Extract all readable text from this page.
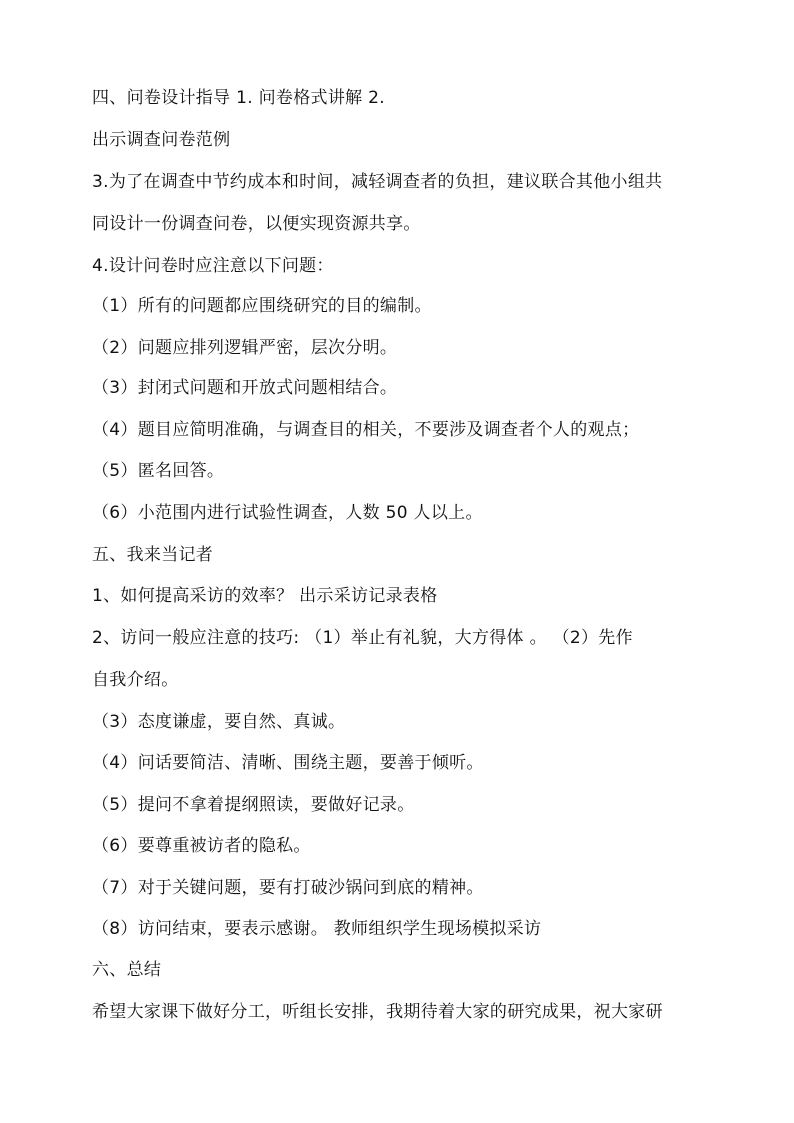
四、问卷设计指导 1. 问卷格式讲解 2.
出示调查问卷范例
3.为了在调查中节约成本和时间，减轻调查者的负担，建议联合其他小组共
同设计一份调查问卷，以便实现资源共享。
4.设计问卷时应注意以下问题：
（1）所有的问题都应围绕研究的目的编制。
（2）问题应排列逻辑严密，层次分明。
（3）封闭式问题和开放式问题相结合。
（4）题目应简明准确，与调查目的相关，不要涉及调查者个人的观点；
（5）匿名回答。
（6）小范围内进行试验性调查，人数 50 人以上。
五、我来当记者
1、如何提高采访的效率？ 出示采访记录表格
2、访问一般应注意的技巧: （1）举止有礼貌，大方得体 。 （2）先作
自我介绍。
（3）态度谦虚，要自然、真诚。
（4）问话要简洁、清晰、围绕主题，要善于倾听。
（5）提问不拿着提纲照读，要做好记录。
（6）要尊重被访者的隐私。
（7）对于关键问题，要有打破沙锅问到底的精神。
（8）访问结束，要表示感谢。 教师组织学生现场模拟采访
六、总结
希望大家课下做好分工，听组长安排，我期待着大家的研究成果，祝大家研
